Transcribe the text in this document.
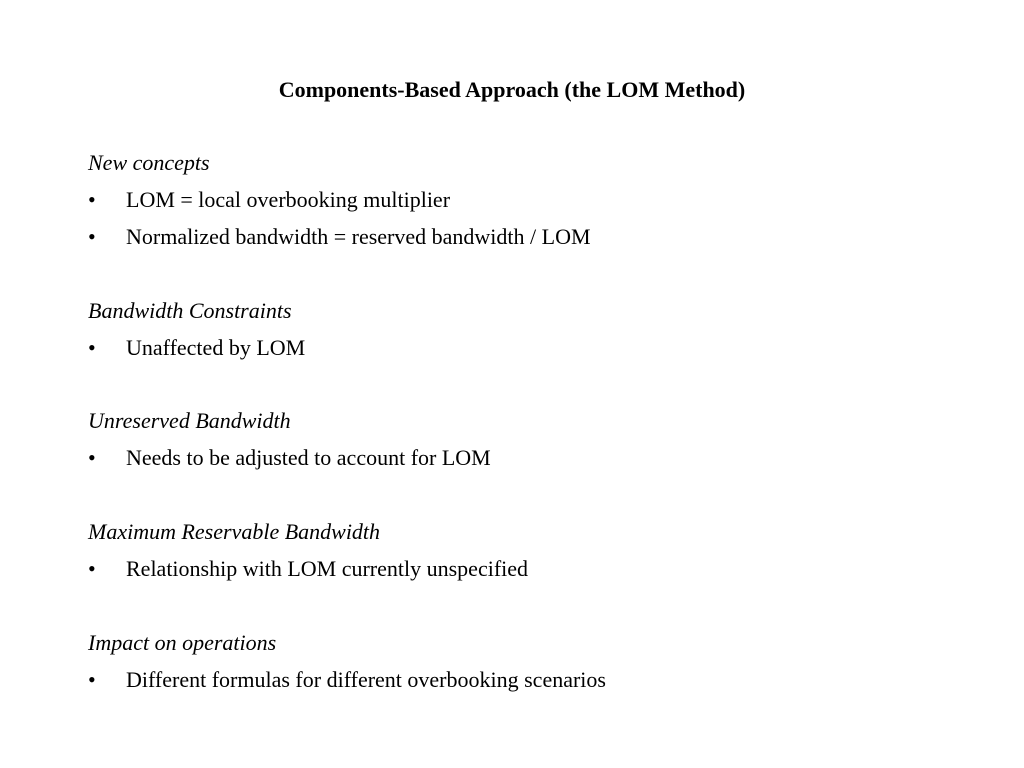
Components-Based Approach (the LOM Method)
New concepts
• LOM = local overbooking multiplier
• Normalized bandwidth = reserved bandwidth / LOM
Bandwidth Constraints
• Unaffected by LOM
Unreserved Bandwidth
• Needs to be adjusted to account for LOM
Maximum Reservable Bandwidth
• Relationship with LOM currently unspecified
Impact on operations
• Different formulas for different overbooking scenarios
